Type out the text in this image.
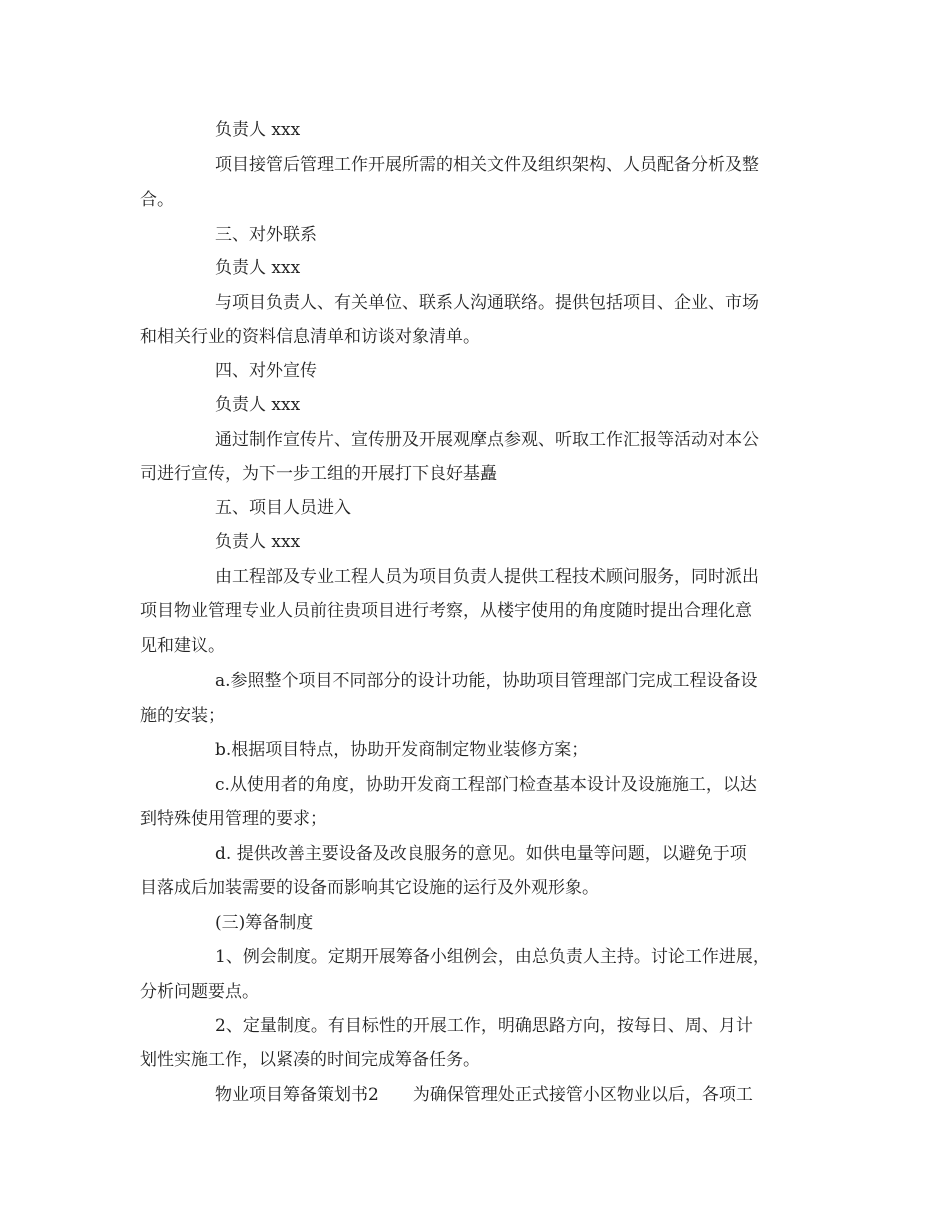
负责人 xxx
项目接管后管理工作开展所需的相关文件及组织架构、人员配备分析及整
合。
三、对外联系
负责人 xxx
与项目负责人、有关单位、联系人沟通联络。提供包括项目、企业、市场
和相关行业的资料信息清单和访谈对象清单。
四、对外宣传
负责人 xxx
通过制作宣传片、宣传册及开展观摩点参观、听取工作汇报等活动对本公
司进行宣传，为下一步工组的开展打下良好基矗
五、项目人员进入
负责人 xxx
由工程部及专业工程人员为项目负责人提供工程技术顾问服务，同时派出
项目物业管理专业人员前往贵项目进行考察，从楼宇使用的角度随时提出合理化意
见和建议。
a.参照整个项目不同部分的设计功能，协助项目管理部门完成工程设备设
施的安装；
b.根据项目特点，协助开发商制定物业装修方案；
c.从使用者的角度，协助开发商工程部门检查基本设计及设施施工，以达
到特殊使用管理的要求；
d. 提供改善主要设备及改良服务的意见。如供电量等问题，以避免于项
目落成后加装需要的设备而影响其它设施的运行及外观形象。
(三)筹备制度
1、例会制度。定期开展筹备小组例会，由总负责人主持。讨论工作进展，
分析问题要点。
2、定量制度。有目标性的开展工作，明确思路方向，按每日、周、月计
划性实施工作，以紧凑的时间完成筹备任务。
物业项目筹备策划书2　　为确保管理处正式接管小区物业以后，各项工
